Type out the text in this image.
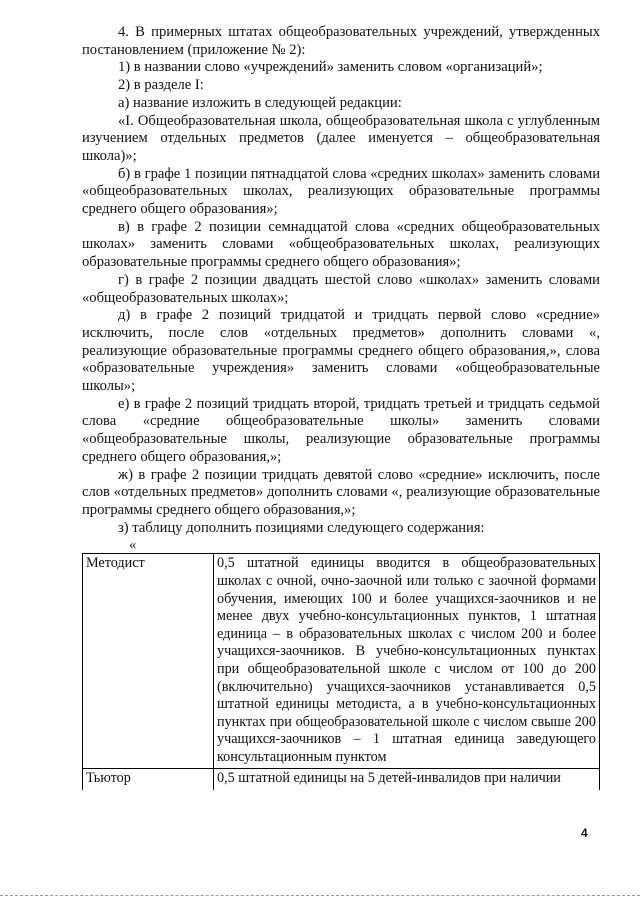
4. В примерных штатах общеобразовательных учреждений, утвержденных постановлением (приложение № 2):

1) в названии слово «учреждений» заменить словом «организаций»;

2) в разделе I:

а) название изложить в следующей редакции:

«I. Общеобразовательная школа, общеобразовательная школа с углубленным изучением отдельных предметов (далее именуется – общеобразовательная школа)»;

б) в графе 1 позиции пятнадцатой слова «средних школах» заменить словами «общеобразовательных школах, реализующих образовательные программы среднего общего образования»;

в) в графе 2 позиции семнадцатой слова «средних общеобразовательных школах» заменить словами «общеобразовательных школах, реализующих образовательные программы среднего общего образования»;

г) в графе 2 позиции двадцать шестой слово «школах» заменить словами «общеобразовательных школах»;

д) в графе 2 позиций тридцатой и тридцать первой слово «средние» исключить, после слов «отдельных предметов» дополнить словами «, реализующие образовательные программы среднего общего образования,», слова «образовательные учреждения» заменить словами «общеобразовательные школы»;

е) в графе 2 позиций тридцать второй, тридцать третьей и тридцать седьмой слова «средние общеобразовательные школы» заменить словами «общеобразовательные школы, реализующие образовательные программы среднего общего образования,»;

ж) в графе 2 позиции тридцать девятой слово «средние» исключить, после слов «отдельных предметов» дополнить словами «, реализующие образовательные программы среднего общего образования,»;

з) таблицу дополнить позициями следующего содержания:

«

Методист	0,5 штатной единицы вводится в общеобразовательных школах с очной, очно-заочной или только с заочной формами обучения, имеющих 100 и более учащихся-заочников и не менее двух учебно-консультационных пунктов, 1 штатная единица – в образовательных школах с числом 200 и более учащихся-заочников. В учебно-консультационных пунктах при общеобразовательной школе с числом от 100 до 200 (включительно) учащихся-заочников устанавливается 0,5 штатной единицы методиста, а в учебно-консультационных пунктах при общеобразовательной школе с числом свыше 200 учащихся-заочников – 1 штатная единица заведующего консультационным пунктом
Тьютор	0,5 штатной единицы на 5 детей-инвалидов при наличии
4
